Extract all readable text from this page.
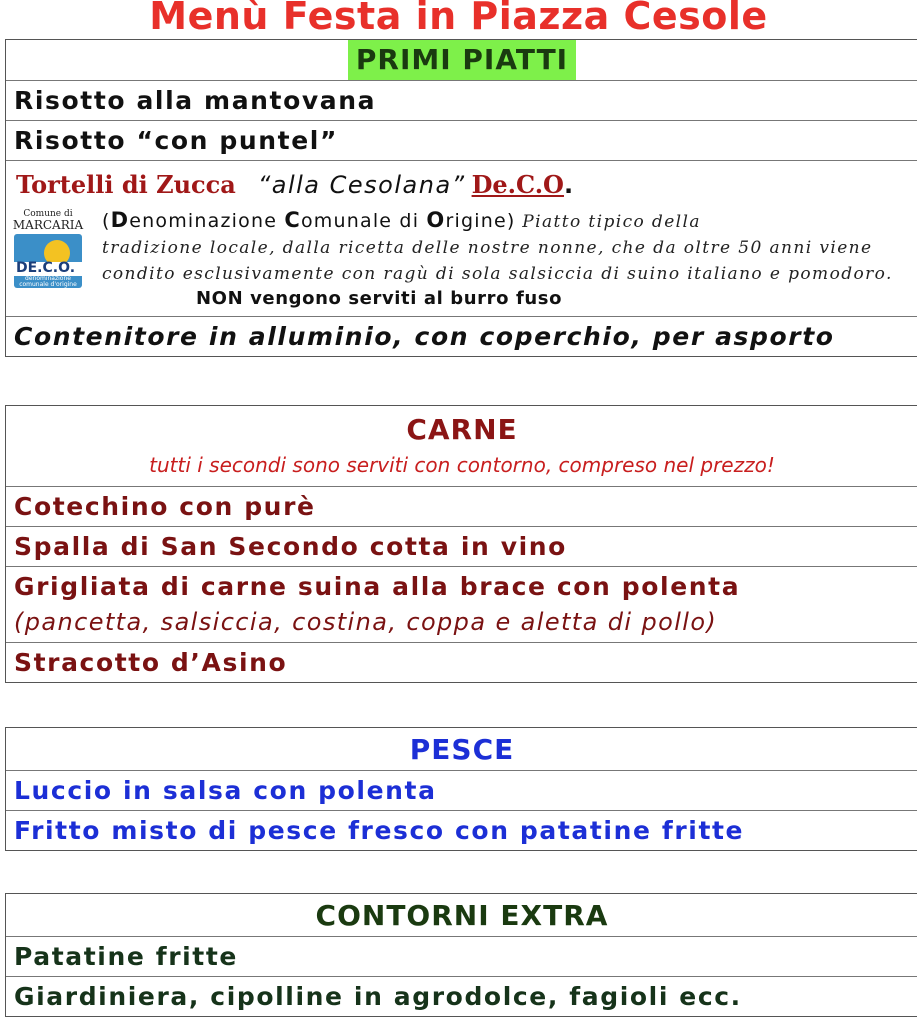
Menù Festa in Piazza Cesole
PRIMI PIATTI
Risotto alla mantovana
Risotto “con puntel”
Tortelli di Zucca “alla Cesolana” De.C.O.
Comune di
MARCARIA
DE.C.O.
denominazione comunale d'origine
(Denominazione Comunale di Origine) Piatto tipico della
tradizione locale, dalla ricetta delle nostre nonne, che da oltre 50 anni viene
condito esclusivamente con ragù di sola salsiccia di suino italiano e pomodoro.
NON vengono serviti al burro fuso
Contenitore in alluminio, con coperchio, per asporto
CARNE
tutti i secondi sono serviti con contorno, compreso nel prezzo!
Cotechino con purè
Spalla di San Secondo cotta in vino
Grigliata di carne suina alla brace con polenta
(pancetta, salsiccia, costina, coppa e aletta di pollo)
Stracotto d’Asino
PESCE
Luccio in salsa con polenta
Fritto misto di pesce fresco con patatine fritte
CONTORNI EXTRA
Patatine fritte
Giardiniera, cipolline in agrodolce, fagioli ecc.
